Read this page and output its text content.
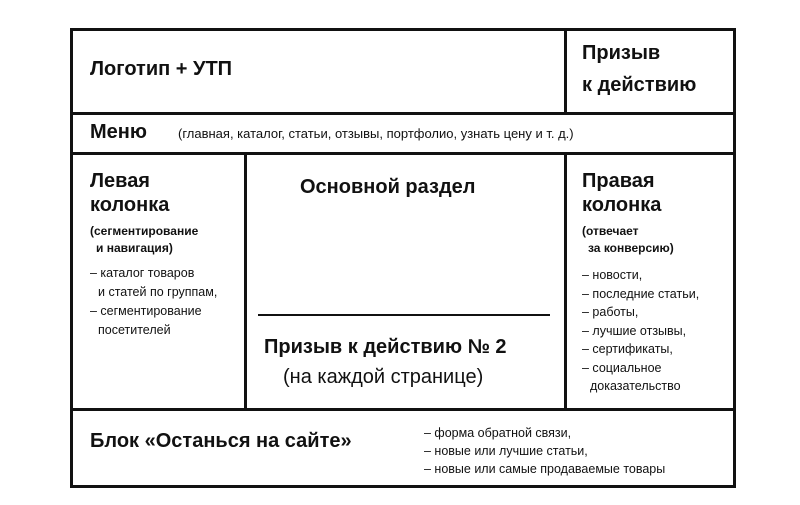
Логотип + УТП
Призыв
к действию
Меню (главная, каталог, статьи, отзывы, портфолио, узнать цену и т. д.)
Левая
колонка
(сегментирование
и навигация)
– каталог товаров
и статей по группам,
– сегментирование
посетителей
Основной раздел
Призыв к действию № 2
(на каждой странице)
Правая
колонка
(отвечает
за конверсию)
– новости,
– последние статьи,
– работы,
– лучшие отзывы,
– сертификаты,
– социальное
доказательство
Блок «Останься на сайте»	– форма обратной связи,
– новые или лучшие статьи,
– новые или самые продаваемые товары
